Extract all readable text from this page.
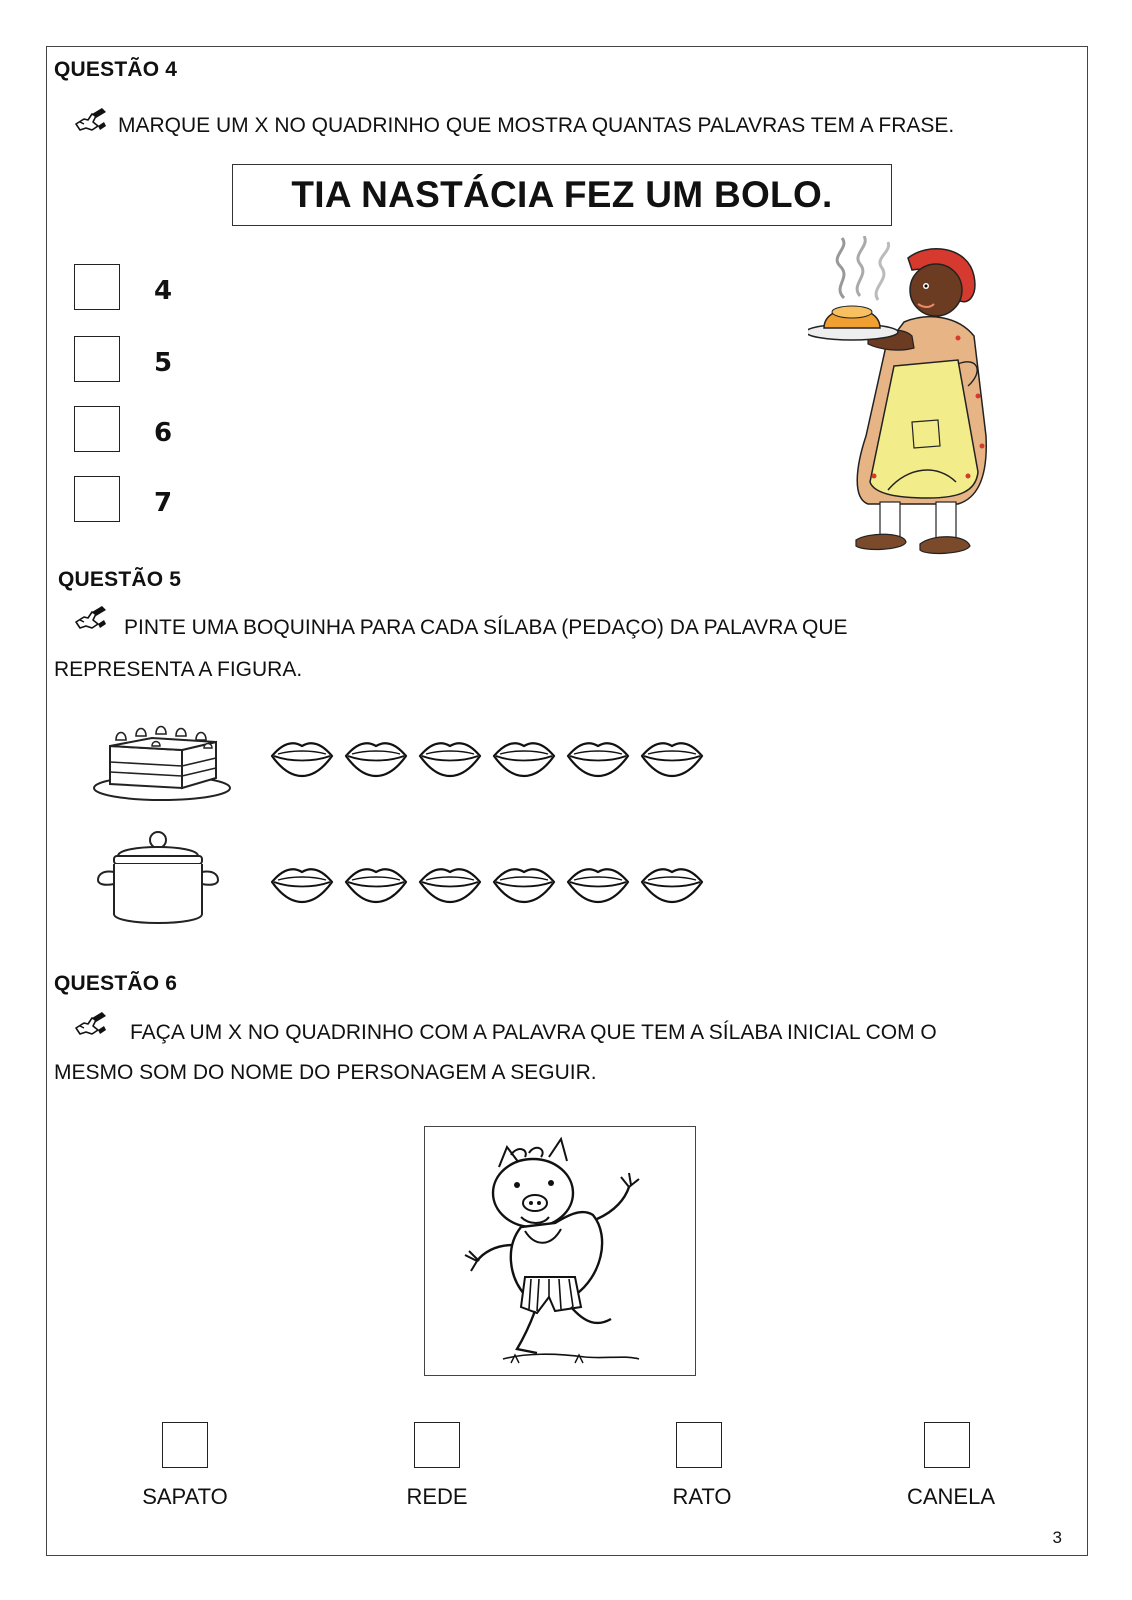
QUESTÃO 4
MARQUE UM X NO QUADRINHO QUE MOSTRA QUANTAS PALAVRAS TEM A FRASE.
TIA NASTÁCIA FEZ UM BOLO.
4
5
6
7
QUESTÃO 5
PINTE UMA BOQUINHA PARA CADA SÍLABA (PEDAÇO) DA PALAVRA QUE
REPRESENTA A FIGURA.
QUESTÃO 6
FAÇA UM X NO QUADRINHO COM A PALAVRA QUE TEM A SÍLABA INICIAL COM O
MESMO SOM DO NOME DO PERSONAGEM A SEGUIR.
SAPATO	REDE	RATO	CANELA
3
